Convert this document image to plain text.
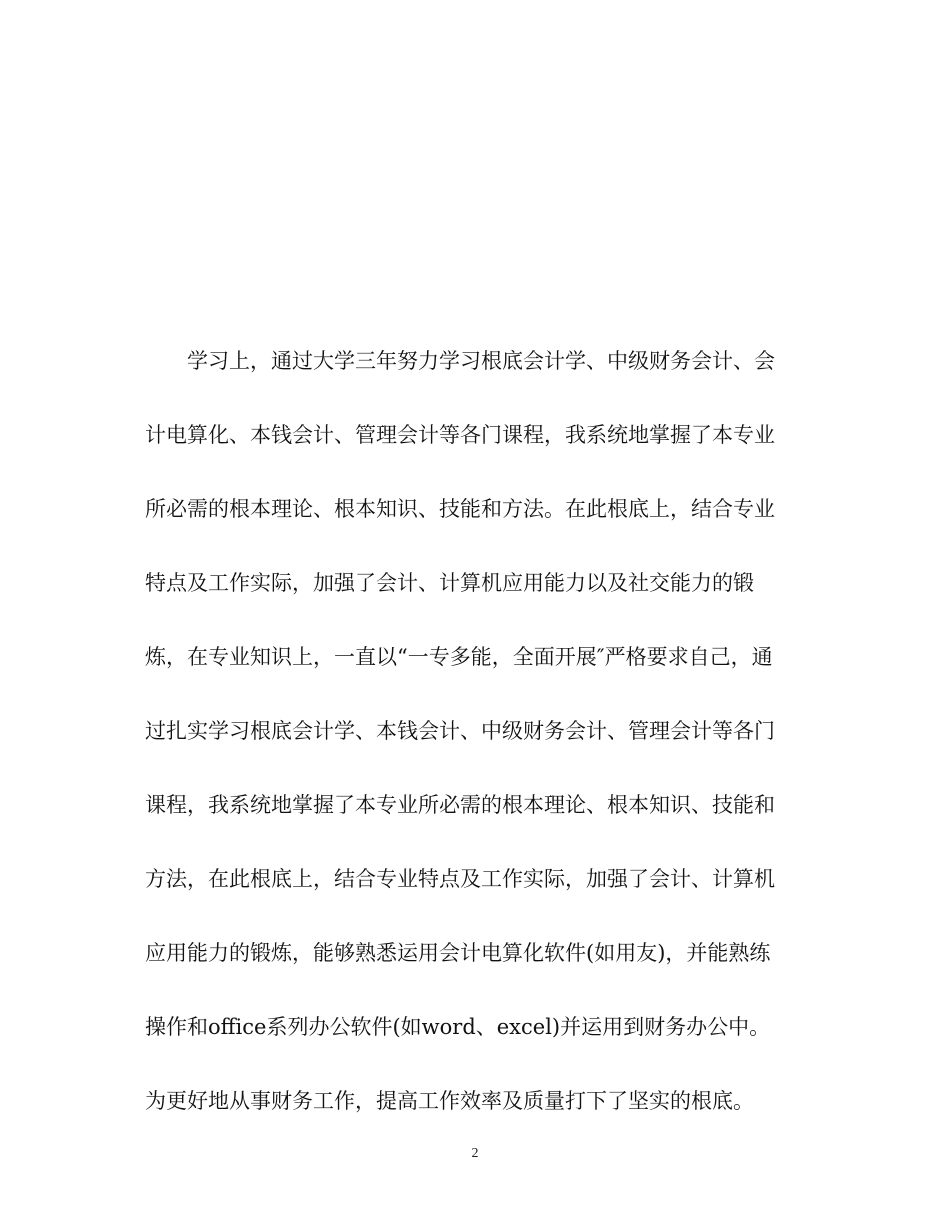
学习上，通过大学三年努力学习根底会计学、中级财务会计、会
计电算化、本钱会计、管理会计等各门课程，我系统地掌握了本专业
所必需的根本理论、根本知识、技能和方法。在此根底上，结合专业
特点及工作实际，加强了会计、计算机应用能力以及社交能力的锻
炼，在专业知识上，一直以“一专多能，全面开展″严格要求自己，通
过扎实学习根底会计学、本钱会计、中级财务会计、管理会计等各门
课程，我系统地掌握了本专业所必需的根本理论、根本知识、技能和
方法，在此根底上，结合专业特点及工作实际，加强了会计、计算机
应用能力的锻炼，能够熟悉运用会计电算化软件(如用友)，并能熟练
操作和office系列办公软件(如word、excel)并运用到财务办公中。
为更好地从事财务工作，提高工作效率及质量打下了坚实的根底。
2
